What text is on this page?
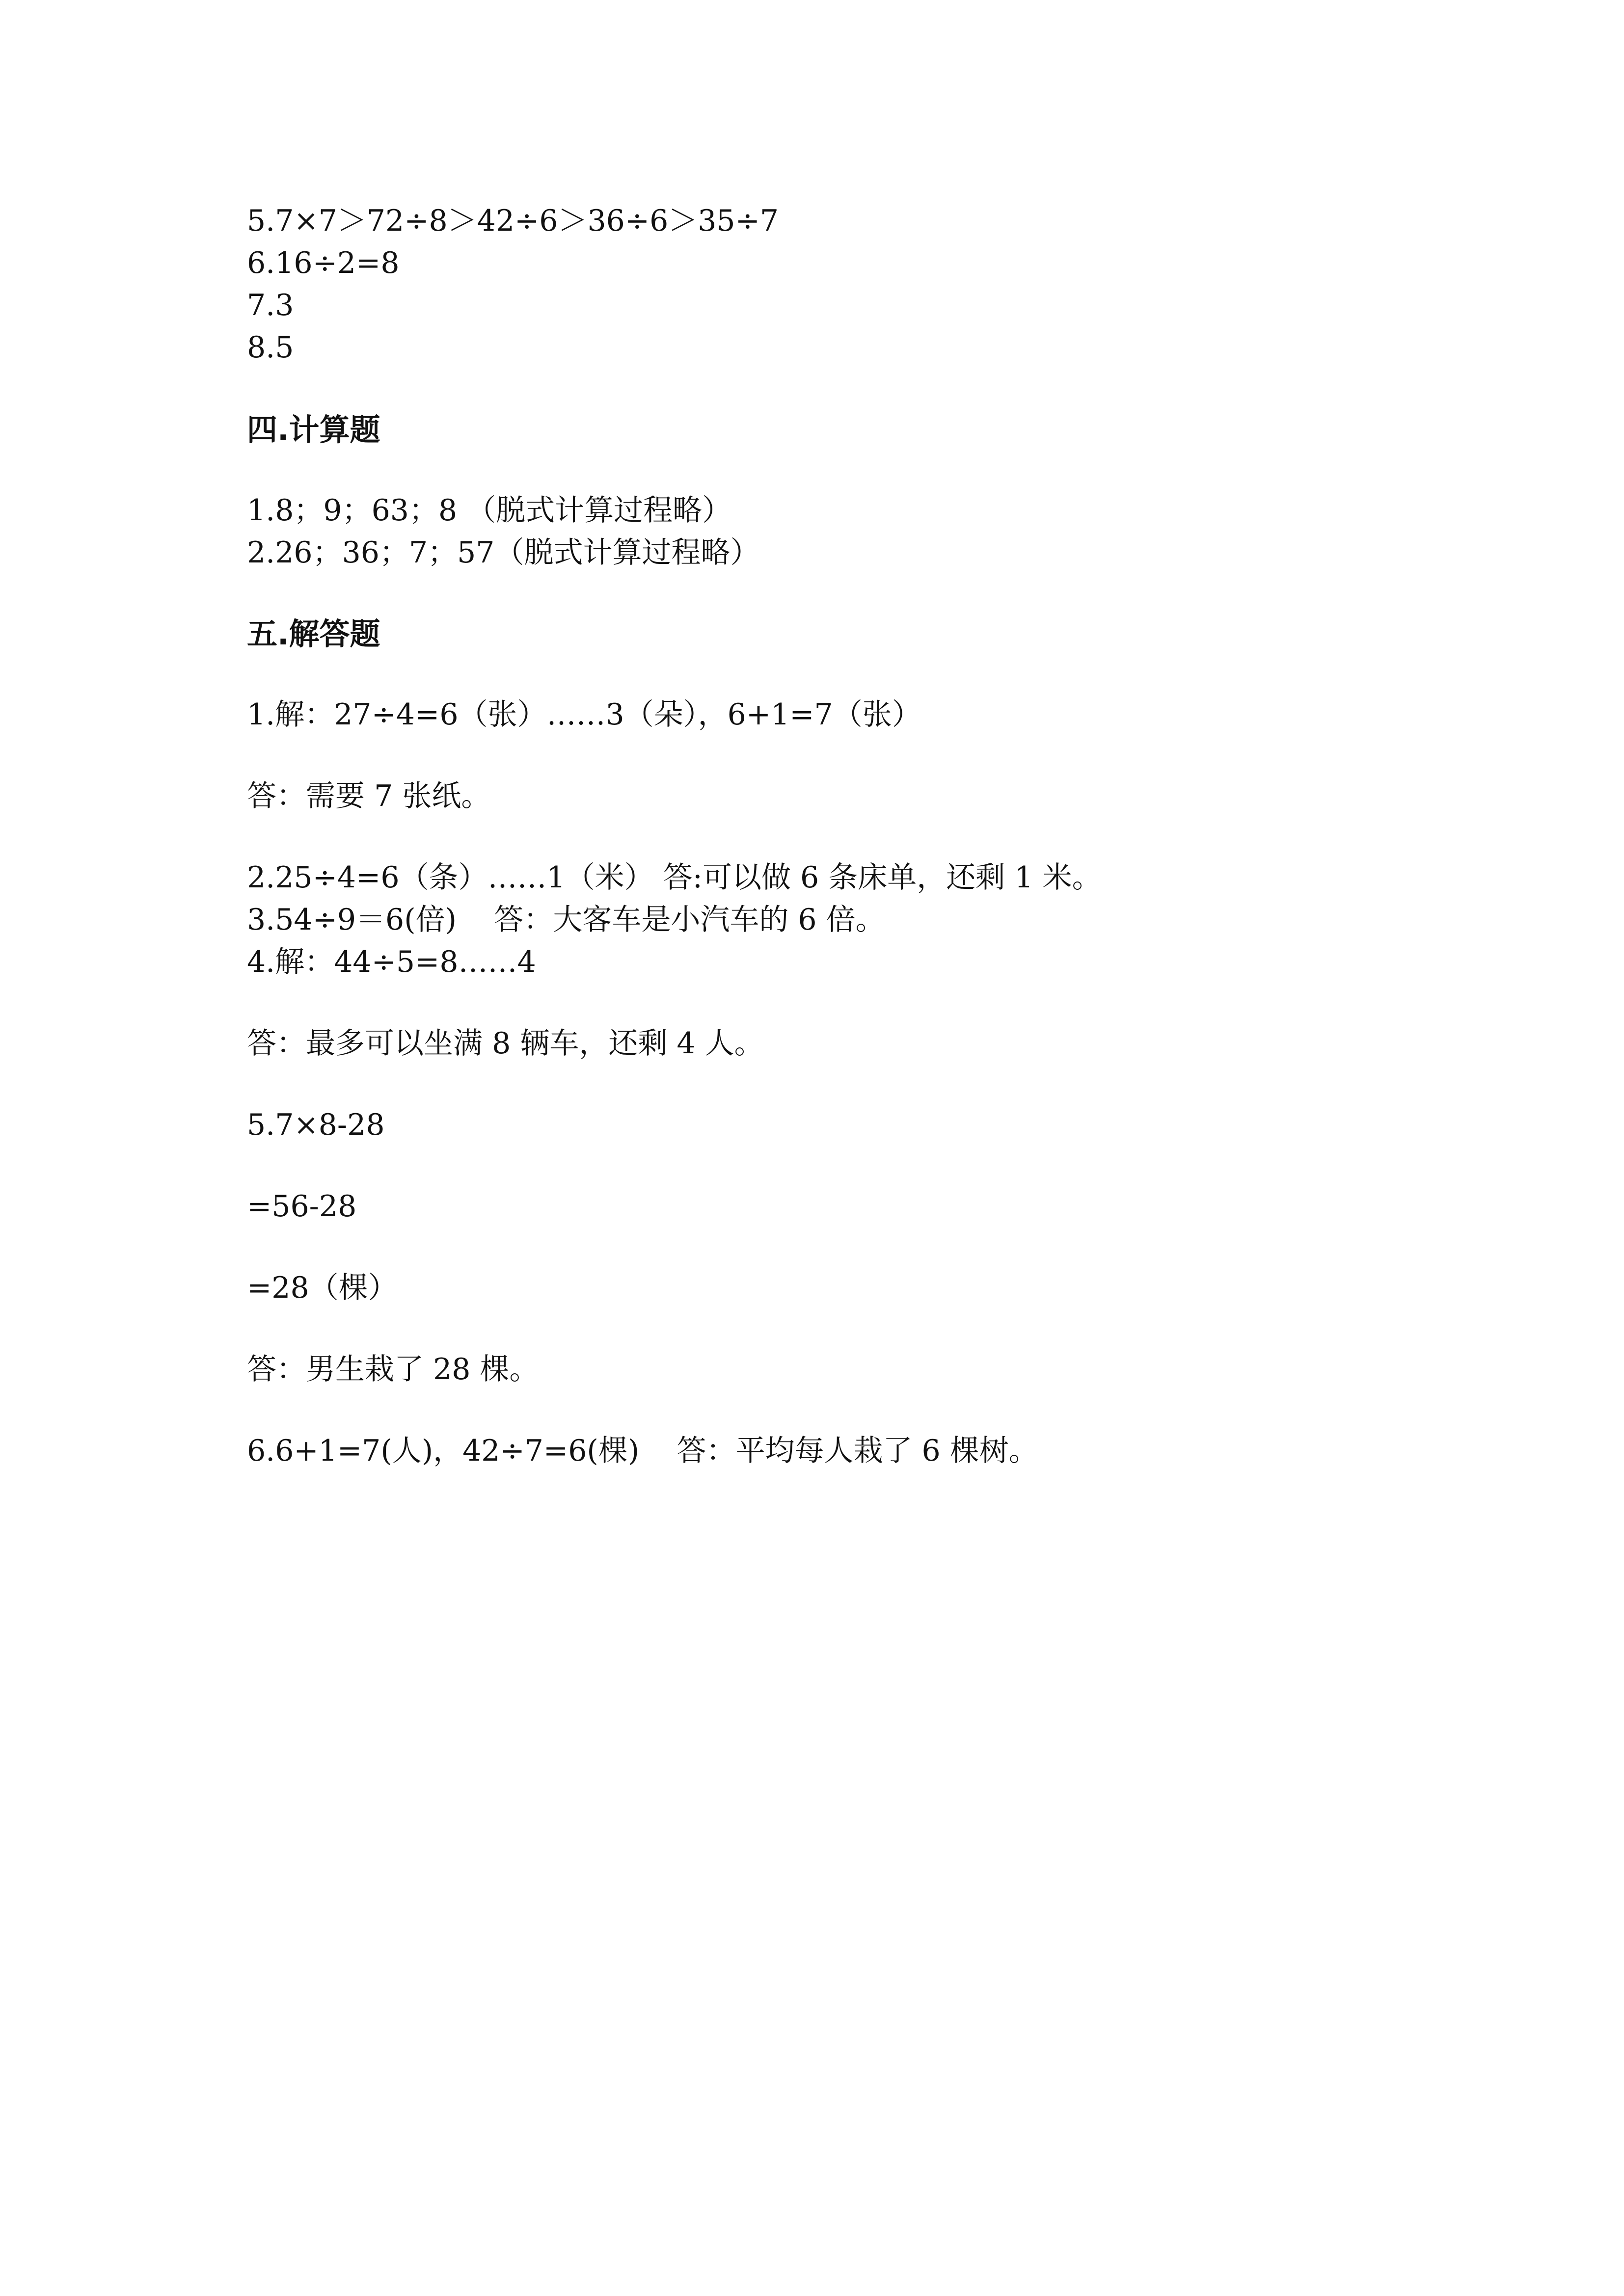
5.7×7＞72÷8＞42÷6＞36÷6＞35÷7

6.16÷2=8

7.3

8.5

四.计算题

1.8；9；63；8 （脱式计算过程略）

2.26；36；7；57（脱式计算过程略）

五.解答题

1.解：27÷4=6（张）……3（朵），6+1=7（张）

答：需要 7 张纸。

2.25÷4=6（条）……1（米） 答:可以做 6 条床单，还剩 1 米。

3.54÷9＝6(倍)    答：大客车是小汽车的 6 倍。

4.解：44÷5=8……4

答：最多可以坐满 8 辆车，还剩 4 人。

5.7×8-28

=56-28

=28（棵）

答：男生栽了 28 棵。

6.6+1=7(人)，42÷7=6(棵)    答：平均每人栽了 6 棵树。
